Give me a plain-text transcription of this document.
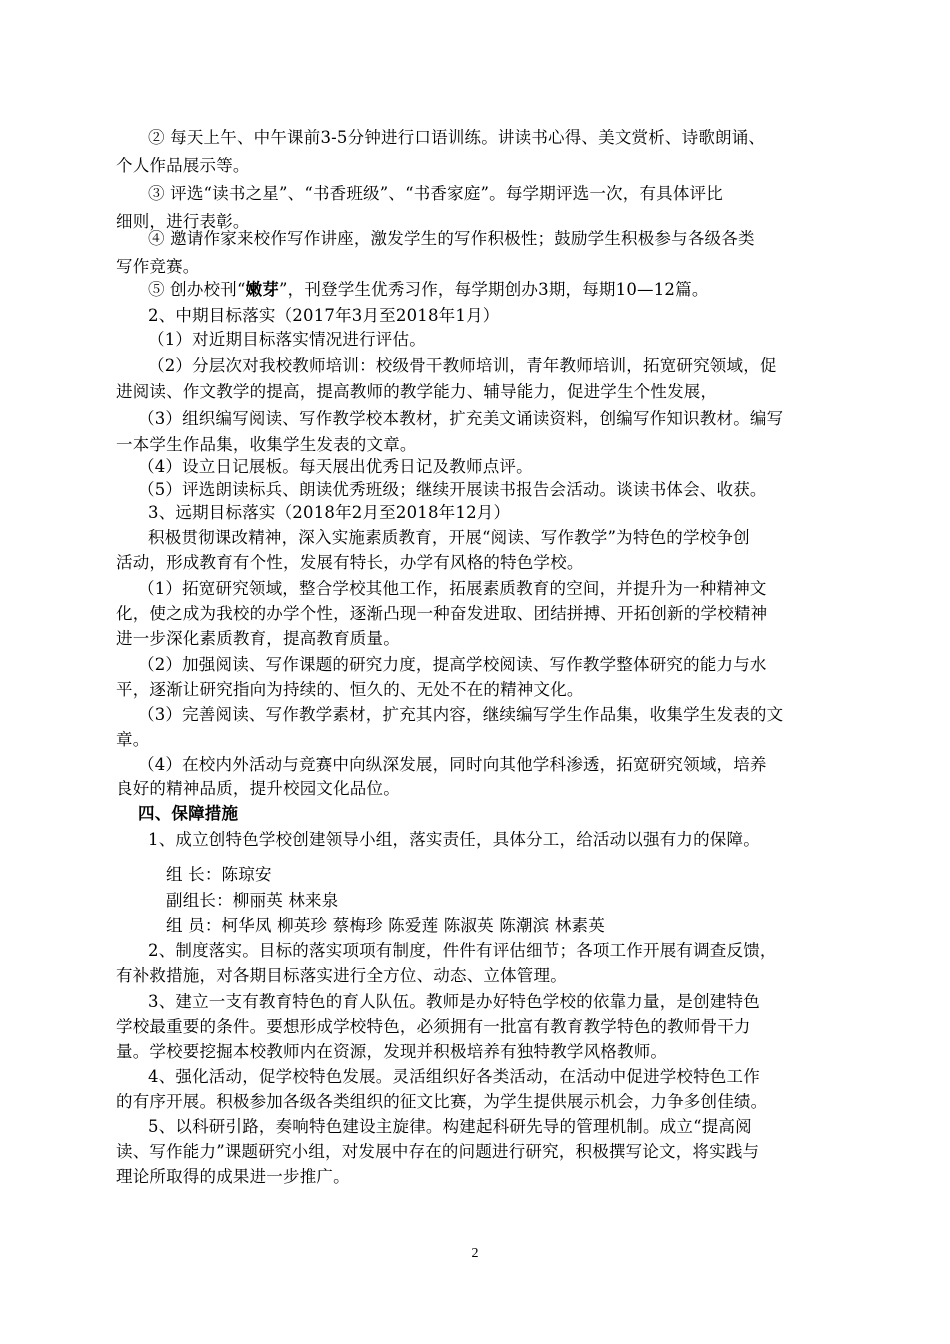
⑤ 创办校刊“嫩芽”，刊登学生优秀习作，每学期创办3期，每期10—12篇。
四、保障措施
2
② 每天上午、中午课前3-5分钟进行口语训练。讲读书心得、美文赏析、诗歌朗诵、
个人作品展示等。
③ 评选“读书之星”、“书香班级”、“书香家庭”。每学期评选一次，有具体评比
细则，进行表彰。
④ 邀请作家来校作写作讲座，激发学生的写作积极性；鼓励学生积极参与各级各类
写作竞赛。
2、中期目标落实（2017年3月至2018年1月）
（1）对近期目标落实情况进行评估。
（2）分层次对我校教师培训：校级骨干教师培训，青年教师培训，拓宽研究领域，促
进阅读、作文教学的提高，提高教师的教学能力、辅导能力，促进学生个性发展，
（3）组织编写阅读、写作教学校本教材，扩充美文诵读资料，创编写作知识教材。编写
一本学生作品集，收集学生发表的文章。
（4）设立日记展板。每天展出优秀日记及教师点评。
（5）评选朗读标兵、朗读优秀班级；继续开展读书报告会活动。谈读书体会、收获。
3、远期目标落实（2018年2月至2018年12月）
积极贯彻课改精神，深入实施素质教育，开展“阅读、写作教学”为特色的学校争创
活动，形成教育有个性，发展有特长，办学有风格的特色学校。
（1）拓宽研究领域，整合学校其他工作，拓展素质教育的空间，并提升为一种精神文
化，使之成为我校的办学个性，逐渐凸现一种奋发进取、团结拼搏、开拓创新的学校精神
进一步深化素质教育，提高教育质量。
（2）加强阅读、写作课题的研究力度，提高学校阅读、写作教学整体研究的能力与水
平，逐渐让研究指向为持续的、恒久的、无处不在的精神文化。
（3）完善阅读、写作教学素材，扩充其内容，继续编写学生作品集，收集学生发表的文
章。
（4）在校内外活动与竞赛中向纵深发展，同时向其他学科渗透，拓宽研究领域，培养
良好的精神品质，提升校园文化品位。
1、成立创特色学校创建领导小组，落实责任，具体分工，给活动以强有力的保障。
组 长：陈琼安
副组长：柳丽英 林来泉
组 员：柯华凤 柳英珍 蔡梅珍 陈爱莲 陈淑英 陈潮滨 林素英
2、制度落实。目标的落实项项有制度，件件有评估细节；各项工作开展有调查反馈，
有补救措施，对各期目标落实进行全方位、动态、立体管理。
3、建立一支有教育特色的育人队伍。教师是办好特色学校的依靠力量，是创建特色
学校最重要的条件。要想形成学校特色，必须拥有一批富有教育教学特色的教师骨干力
量。学校要挖掘本校教师内在资源，发现并积极培养有独特教学风格教师。
4、强化活动，促学校特色发展。灵活组织好各类活动，在活动中促进学校特色工作
的有序开展。积极参加各级各类组织的征文比赛，为学生提供展示机会，力争多创佳绩。
5、以科研引路，奏响特色建设主旋律。构建起科研先导的管理机制。成立“提高阅
读、写作能力”课题研究小组，对发展中存在的问题进行研究，积极撰写论文，将实践与
理论所取得的成果进一步推广。
